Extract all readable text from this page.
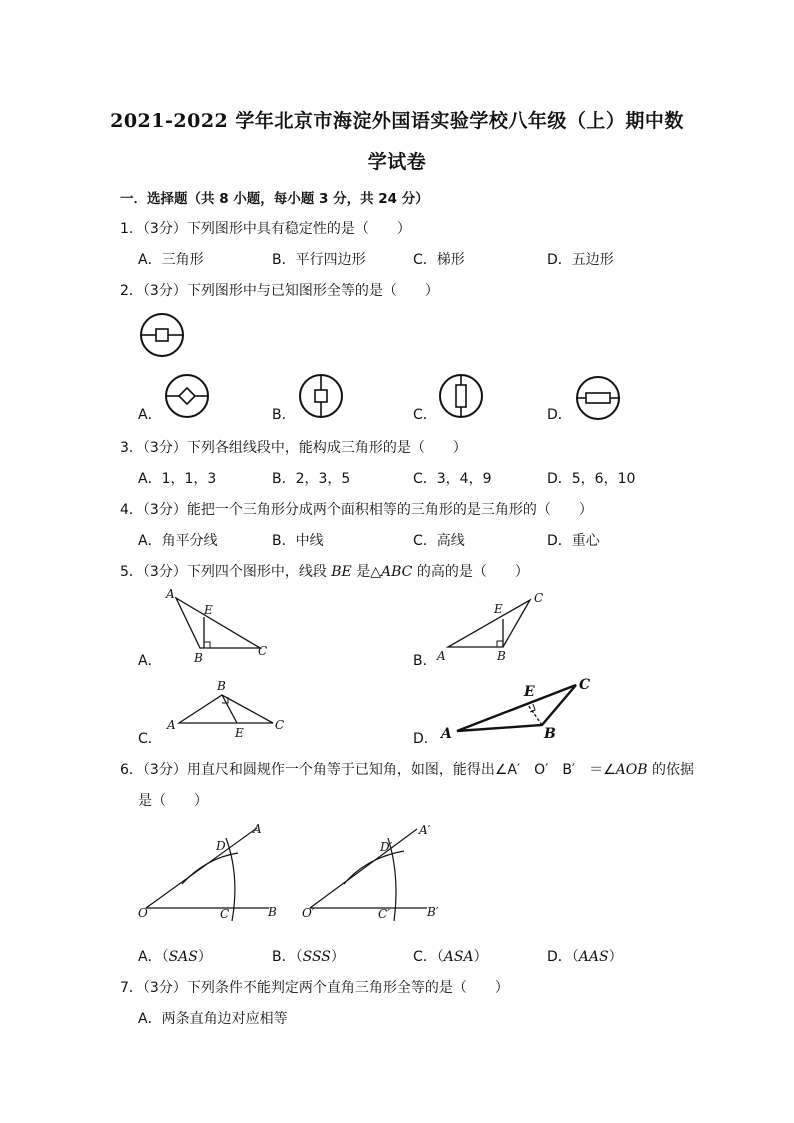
2021-2022 学年北京市海淀外国语实验学校八年级（上）期中数
学试卷
一．选择题（共 8 小题，每小题 3 分，共 24 分）
1．（3分）下列图形中具有稳定性的是（　　）
A．三角形	B．平行四边形	C．梯形	D．五边形
2．（3分）下列图形中与已知图形全等的是（　　）
A．	B．	C．	D．
3．（3分）下列各组线段中，能构成三角形的是（　　）
A．1，1，3	B．2，3，5	C．3，4，9	D．5，6，10
4．（3分）能把一个三角形分成两个面积相等的三角形的是三角形的（　　）
A．角平分线	B．中线	C．高线	D．重心
5．（3分）下列四个图形中，线段 BE 是△ABC 的高的是（　　）
A．
A
E
B	C
B． A
E
B
C
C．
B
A	C
E	D． A
E
B
C
6．（3分）用直尺和圆规作一个角等于已知角，如图，能得出∠A′　O′　B′　＝∠AOB 的依据
是（　　）
O
A
B
C
D
O′
A′
B′
C′
D′
A．（SAS）	B．（SSS）	C．（ASA）	D．（AAS）
7．（3分）下列条件不能判定两个直角三角形全等的是（　　）
A．两条直角边对应相等
